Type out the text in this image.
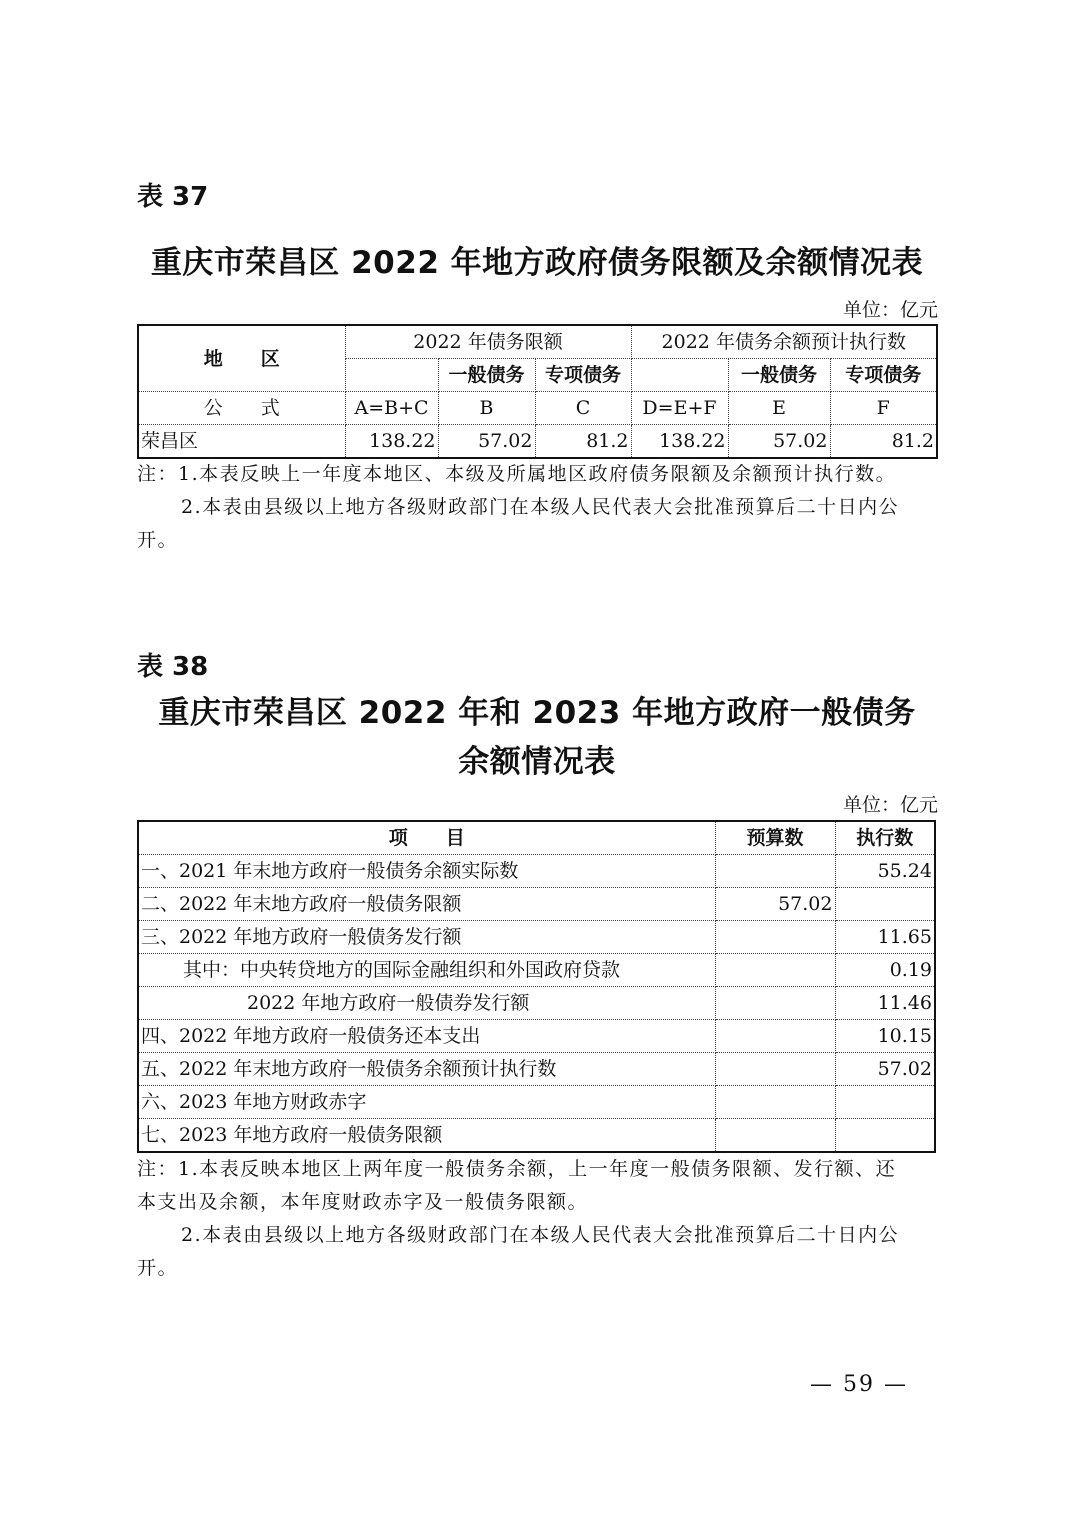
表 37
重庆市荣昌区 2022 年地方政府债务限额及余额情况表
单位：亿元
地　　区	2022 年债务限额			2022 年债务余额预计执行数		
		一般债务	专项债务		一般债务	专项债务
公　　式	A=B+C	B	C	D=E+F	E	F
荣昌区	138.22	57.02	81.2	138.22	57.02	81.2
注：1.本表反映上一年度本地区、本级及所属地区政府债务限额及余额预计执行数。
2.本表由县级以上地方各级财政部门在本级人民代表大会批准预算后二十日内公
开。
表 38
重庆市荣昌区 2022 年和 2023 年地方政府一般债务
余额情况表
单位：亿元
项　　目	预算数	执行数
一、2021 年末地方政府一般债务余额实际数		55.24
二、2022 年末地方政府一般债务限额	57.02	
三、2022 年地方政府一般债务发行额		11.65
其中：中央转贷地方的国际金融组织和外国政府贷款		0.19
2022 年地方政府一般债券发行额		11.46
四、2022 年地方政府一般债务还本支出		10.15
五、2022 年末地方政府一般债务余额预计执行数		57.02
六、2023 年地方财政赤字		
七、2023 年地方政府一般债务限额		
注：1.本表反映本地区上两年度一般债务余额，上一年度一般债务限额、发行额、还
本支出及余额，本年度财政赤字及一般债务限额。
2.本表由县级以上地方各级财政部门在本级人民代表大会批准预算后二十日内公
开。
— 59 —
